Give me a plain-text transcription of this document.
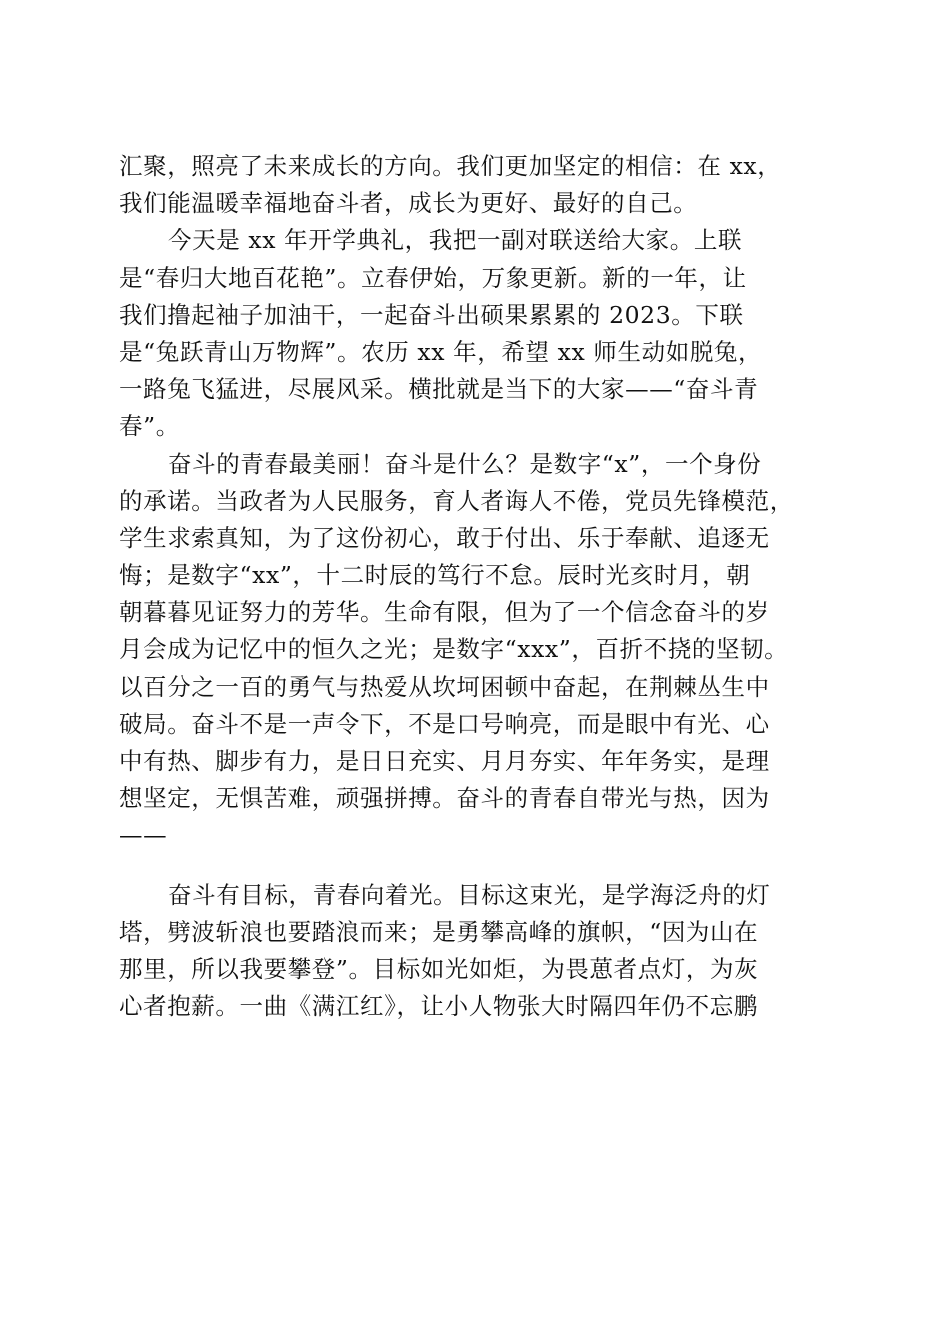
汇聚，照亮了未来成长的方向。我们更加坚定的相信：在 xx，
我们能温暖幸福地奋斗者，成长为更好、最好的自己。
今天是 xx 年开学典礼，我把一副对联送给大家。上联
是“春归大地百花艳”。立春伊始，万象更新。新的一年，让
我们撸起袖子加油干，一起奋斗出硕果累累的 2023。下联
是“兔跃青山万物辉”。农历 xx 年，希望 xx 师生动如脱兔，
一路兔飞猛进，尽展风采。横批就是当下的大家——“奋斗青
春”。
奋斗的青春最美丽！奋斗是什么？是数字“x”，一个身份
的承诺。当政者为人民服务，育人者诲人不倦，党员先锋模范，
学生求索真知，为了这份初心，敢于付出、乐于奉献、追逐无
悔；是数字“xx”，十二时辰的笃行不怠。辰时光亥时月，朝
朝暮暮见证努力的芳华。生命有限，但为了一个信念奋斗的岁
月会成为记忆中的恒久之光；是数字“xxx”，百折不挠的坚韧。
以百分之一百的勇气与热爱从坎坷困顿中奋起，在荆棘丛生中
破局。奋斗不是一声令下，不是口号响亮，而是眼中有光、心
中有热、脚步有力，是日日充实、月月夯实、年年务实，是理
想坚定，无惧苦难，顽强拼搏。奋斗的青春自带光与热，因为
——
奋斗有目标，青春向着光。目标这束光，是学海泛舟的灯
塔，劈波斩浪也要踏浪而来；是勇攀高峰的旗帜，“因为山在
那里，所以我要攀登”。目标如光如炬，为畏葸者点灯，为灰
心者抱薪。一曲《满江红》，让小人物张大时隔四年仍不忘鹏
